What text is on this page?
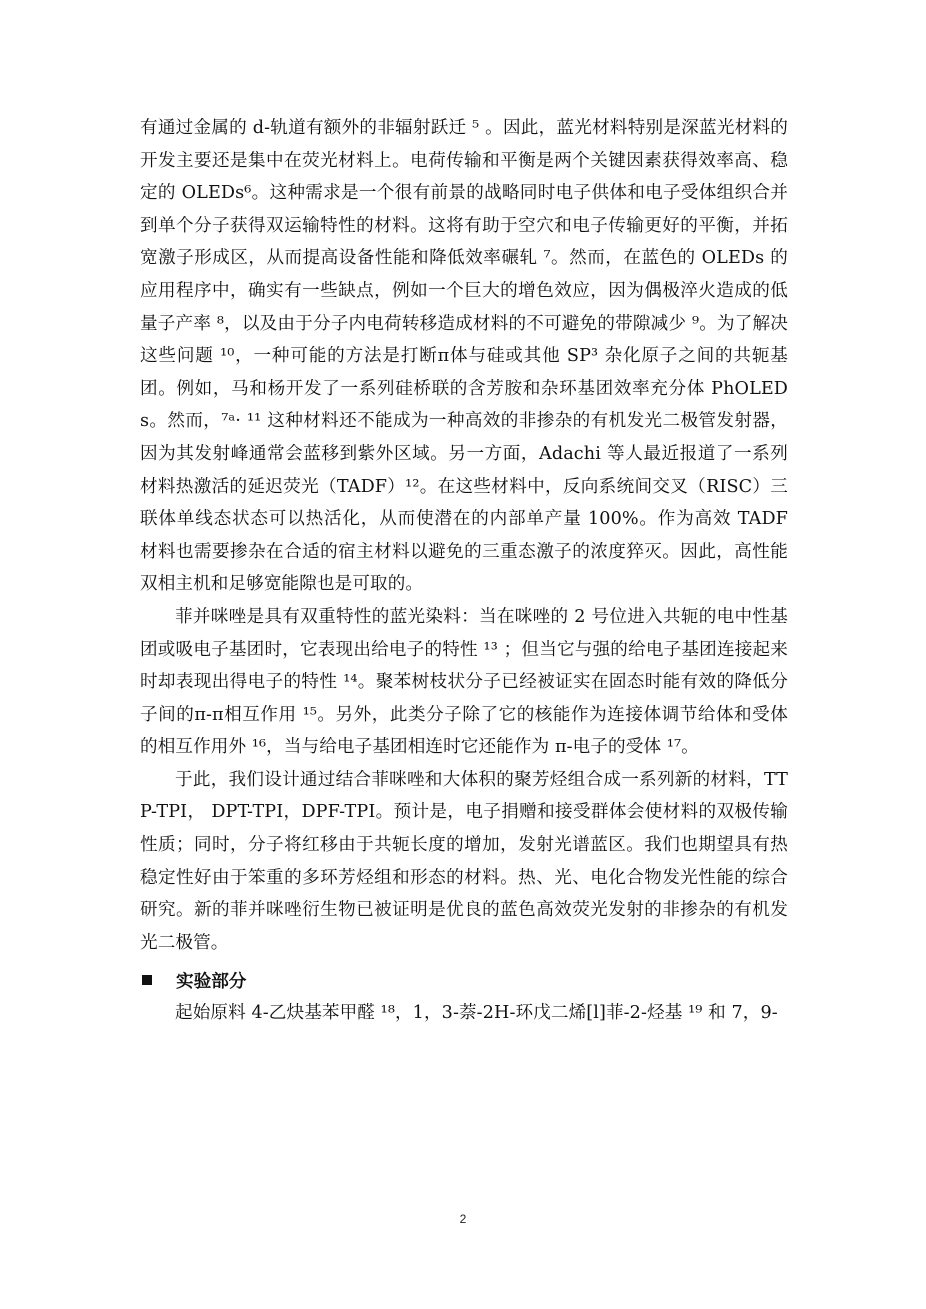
有通过金属的 d-轨道有额外的非辐射跃迁 ⁵ 。因此，蓝光材料特别是深蓝光材料的开发主要还是集中在荧光材料上。电荷传输和平衡是两个关键因素获得效率高、稳定的 OLEDs⁶。这种需求是一个很有前景的战略同时电子供体和电子受体组织合并到单个分子获得双运输特性的材料。这将有助于空穴和电子传输更好的平衡，并拓宽激子形成区，从而提高设备性能和降低效率碾轧 ⁷。然而，在蓝色的 OLEDs 的应用程序中，确实有一些缺点，例如一个巨大的增色效应，因为偶极淬火造成的低量子产率 ⁸，以及由于分子内电荷转移造成材料的不可避免的带隙减少 ⁹。为了解决这些问题 ¹⁰，一种可能的方法是打断π体与硅或其他 SP³ 杂化原子之间的共轭基团。例如，马和杨开发了一系列硅桥联的含芳胺和杂环基团效率充分体 PhOLEDs。然而，⁷ᵃ· ¹¹ 这种材料还不能成为一种高效的非掺杂的有机发光二极管发射器，因为其发射峰通常会蓝移到紫外区域。另一方面，Adachi 等人最近报道了一系列材料热激活的延迟荧光（TADF）¹²。在这些材料中，反向系统间交叉（RISC）三联体单线态状态可以热活化，从而使潜在的内部单产量 100%。作为高效 TADF 材料也需要掺杂在合适的宿主材料以避免的三重态激子的浓度猝灭。因此，高性能双相主机和足够宽能隙也是可取的。

菲并咪唑是具有双重特性的蓝光染料：当在咪唑的 2 号位进入共轭的电中性基团或吸电子基团时，它表现出给电子的特性 ¹³ ；但当它与强的给电子基团连接起来时却表现出得电子的特性 ¹⁴。聚苯树枝状分子已经被证实在固态时能有效的降低分子间的π-π相互作用 ¹⁵。另外，此类分子除了它的核能作为连接体调节给体和受体的相互作用外 ¹⁶，当与给电子基团相连时它还能作为 π-电子的受体 ¹⁷。

于此，我们设计通过结合菲咪唑和大体积的聚芳烃组合成一系列新的材料，TTP-TPI， DPT-TPI，DPF-TPI。预计是，电子捐赠和接受群体会使材料的双极传输性质；同时，分子将红移由于共轭长度的增加，发射光谱蓝区。我们也期望具有热稳定性好由于笨重的多环芳烃组和形态的材料。热、光、电化合物发光性能的综合研究。新的菲并咪唑衍生物已被证明是优良的蓝色高效荧光发射的非掺杂的有机发光二极管。

实验部分

起始原料 4-乙炔基苯甲醛 ¹⁸，1，3-萘-2H-环戊二烯[l]菲-2-烃基 ¹⁹ 和 7，9-

2
